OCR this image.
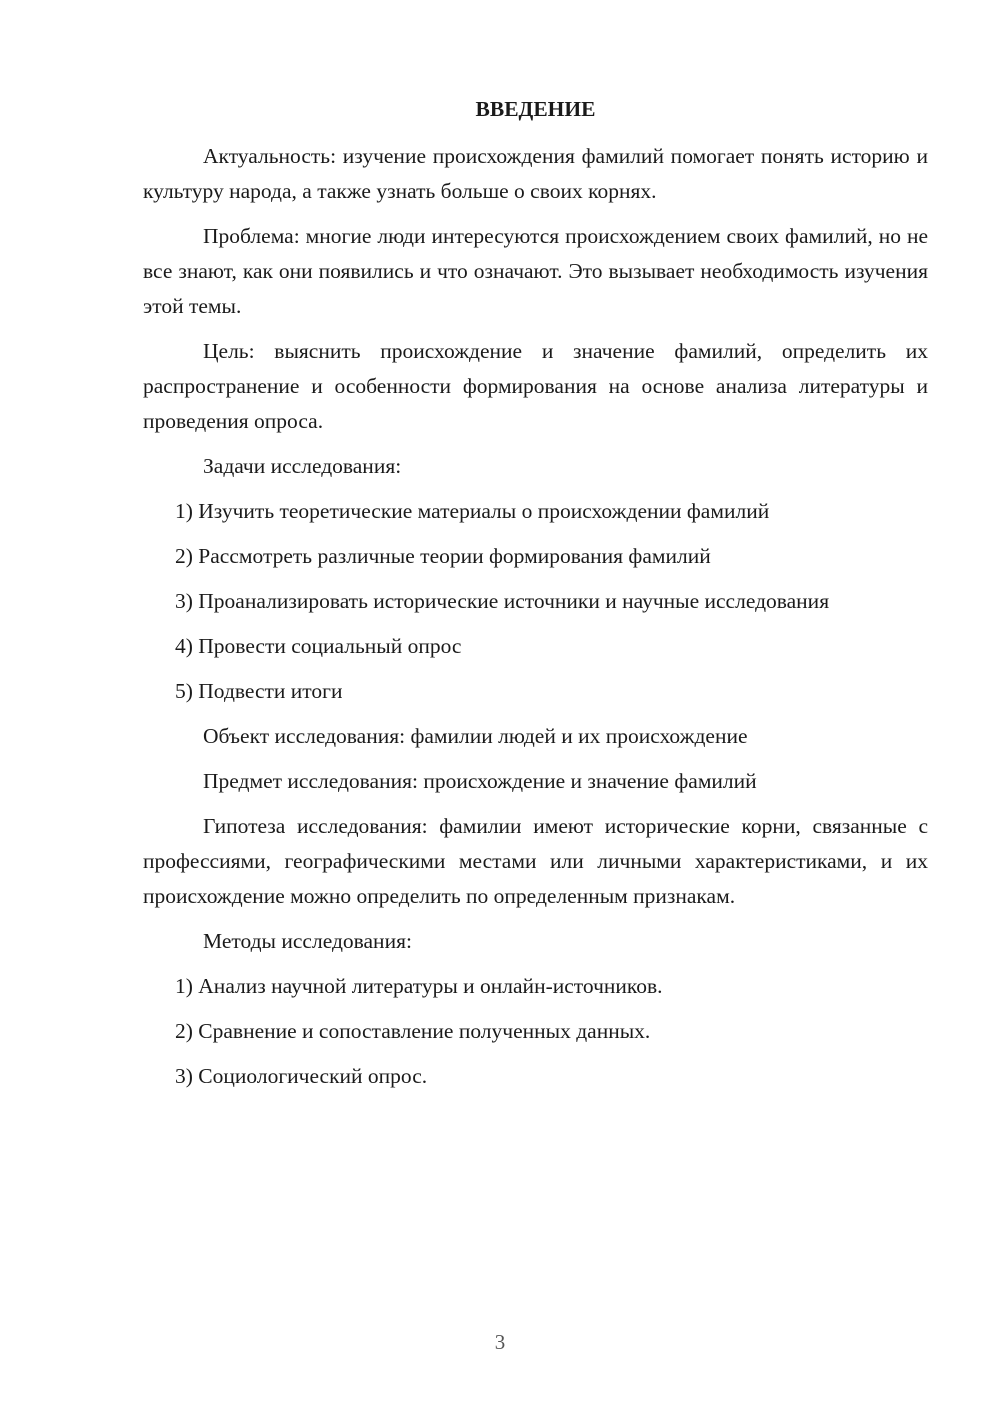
ВВЕДЕНИЕ

Актуальность: изучение происхождения фамилий помогает понять историю и культуру народа, а также узнать больше о своих корнях.

Проблема: многие люди интересуются происхождением своих фамилий, но не все знают, как они появились и что означают. Это вызывает необходимость изучения этой темы.

Цель: выяснить происхождение и значение фамилий, определить их распространение и особенности формирования на основе анализа литературы и проведения опроса.

Задачи исследования:

1) Изучить теоретические материалы о происхождении фамилий

2) Рассмотреть различные теории формирования фамилий

3) Проанализировать исторические источники и научные исследования

4) Провести социальный опрос

5) Подвести итоги

Объект исследования: фамилии людей и их происхождение

Предмет исследования: происхождение и значение фамилий

Гипотеза исследования: фамилии имеют исторические корни, связанные с профессиями, географическими местами или личными характеристиками, и их происхождение можно определить по определенным признакам.

Методы исследования:

1) Анализ научной литературы и онлайн-источников.

2) Сравнение и сопоставление полученных данных.

3) Социологический опрос.

3
